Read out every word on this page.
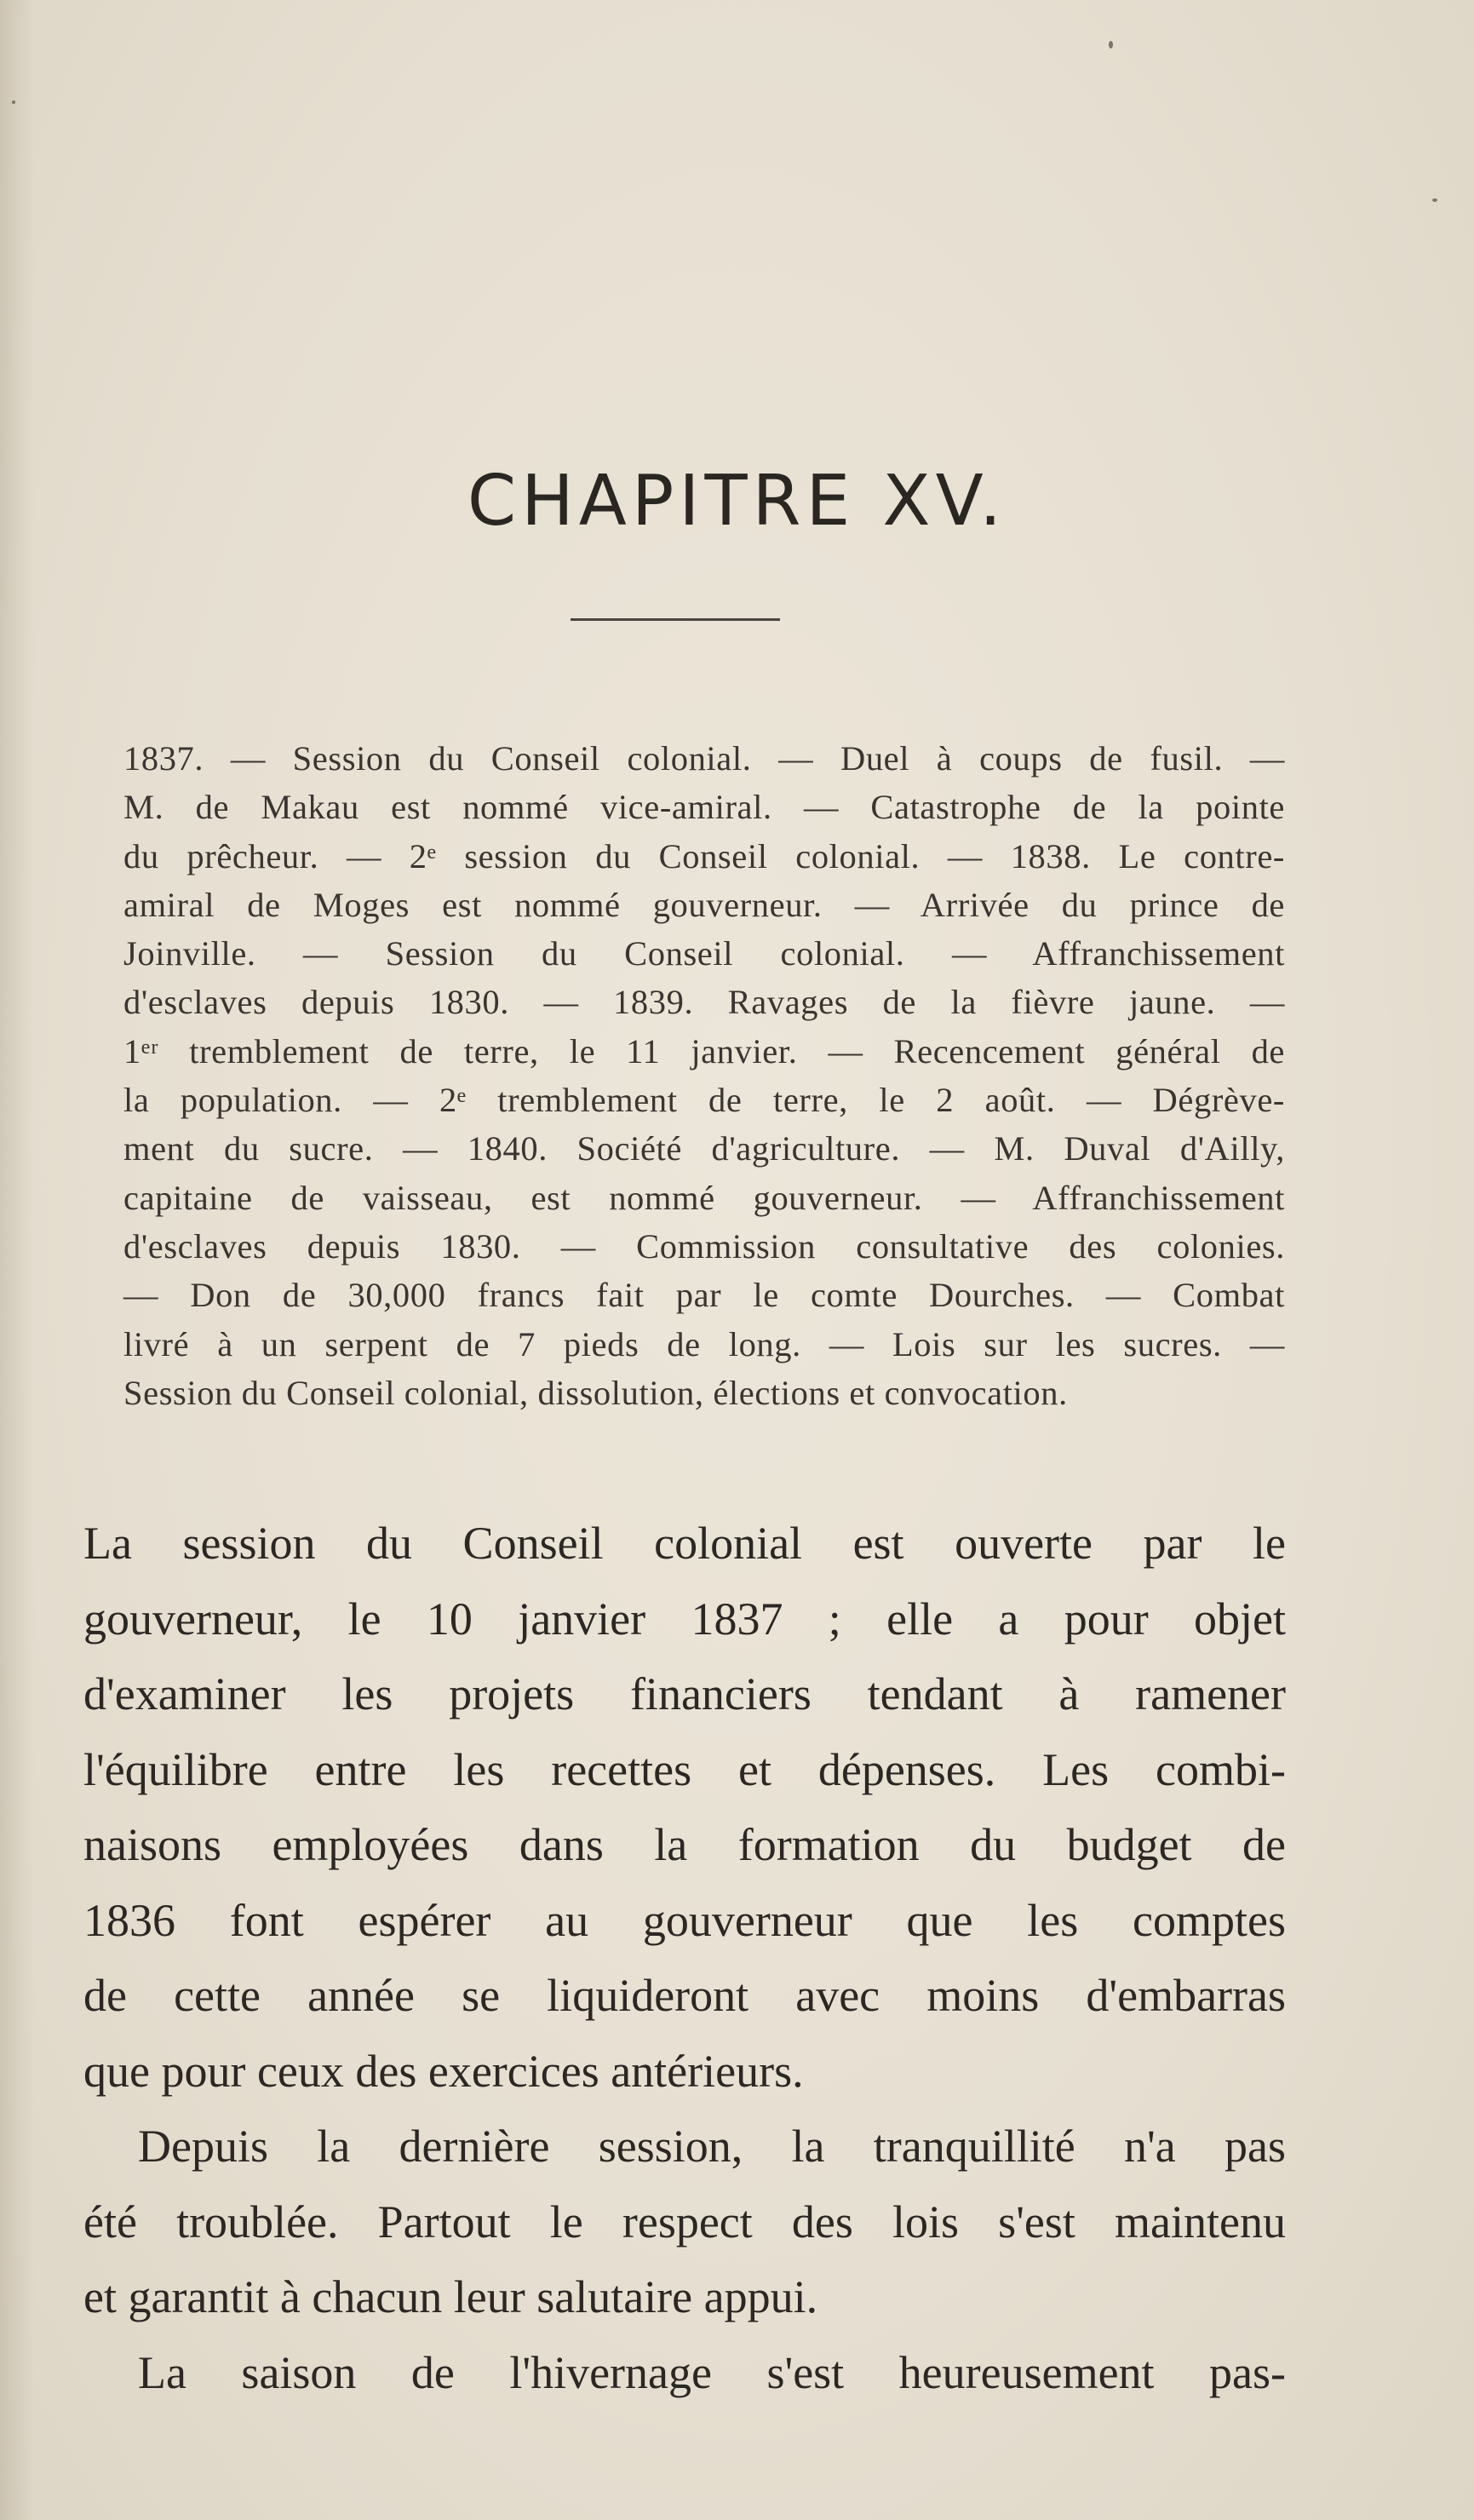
CHAPITRE XV.
1837. — Session du Conseil colonial. — Duel à coups de fusil. —
M. de Makau est nommé vice-amiral. — Catastrophe de la pointe
du prêcheur. — 2ᵉ session du Conseil colonial. — 1838. Le contre-
amiral de Moges est nommé gouverneur. — Arrivée du prince de
Joinville. — Session du Conseil colonial. — Affranchissement
d'esclaves depuis 1830. — 1839. Ravages de la fièvre jaune. —
1ᵉʳ tremblement de terre, le 11 janvier. — Recencement général de
la population. — 2ᵉ tremblement de terre, le 2 août. — Dégrève-
ment du sucre. — 1840. Société d'agriculture. — M. Duval d'Ailly,
capitaine de vaisseau, est nommé gouverneur. — Affranchissement
d'esclaves depuis 1830. — Commission consultative des colonies.
— Don de 30,000 francs fait par le comte Dourches. — Combat
livré à un serpent de 7 pieds de long. — Lois sur les sucres. —
Session du Conseil colonial, dissolution, élections et convocation.
La session du Conseil colonial est ouverte par le
gouverneur, le 10 janvier 1837 ; elle a pour objet
d'examiner les projets financiers tendant à ramener
l'équilibre entre les recettes et dépenses. Les combi-
naisons employées dans la formation du budget de
1836 font espérer au gouverneur que les comptes
de cette année se liquideront avec moins d'embarras
que pour ceux des exercices antérieurs.
Depuis la dernière session, la tranquillité n'a pas
été troublée. Partout le respect des lois s'est maintenu
et garantit à chacun leur salutaire appui.
La saison de l'hivernage s'est heureusement pas-
